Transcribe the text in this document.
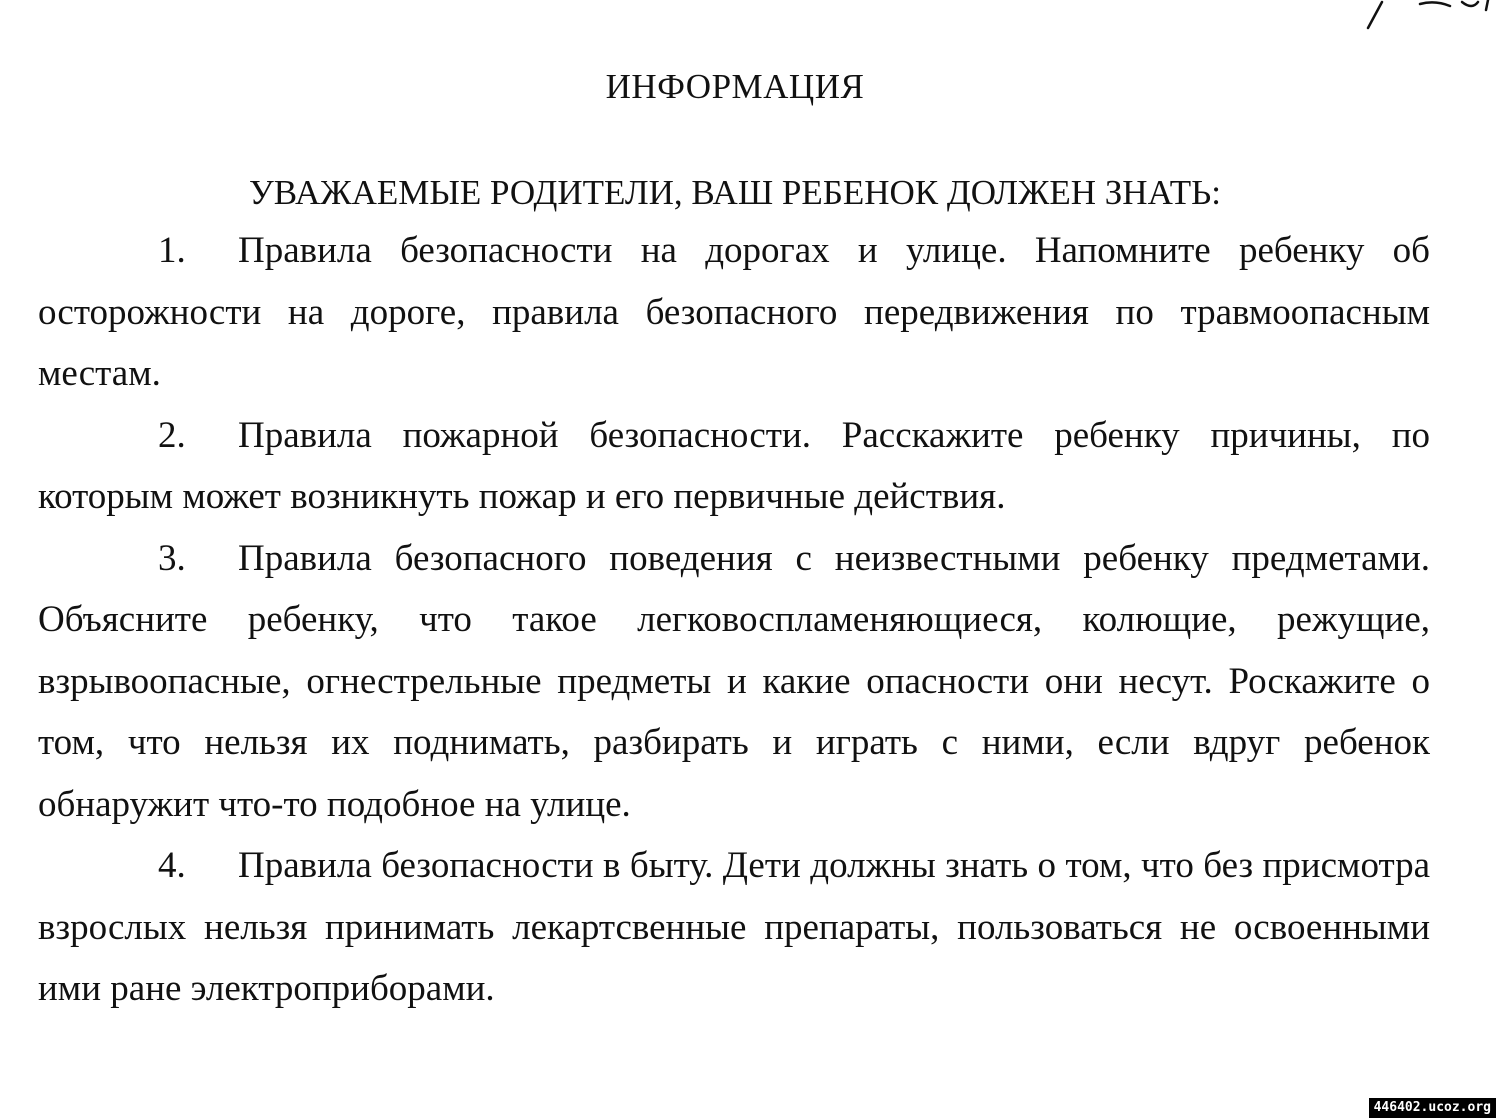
ИНФОРМАЦИЯ
УВАЖАЕМЫЕ РОДИТЕЛИ, ВАШ РЕБЕНОК ДОЛЖЕН ЗНАТЬ:

1. Правила безопасности на дорогах и улице. Напомните ребенку об осторожности на дороге, правила безопасного передвижения по травмоопасным местам.

2. Правила пожарной безопасности. Расскажите ребенку причины, по которым может возникнуть пожар и его первичные действия.

3. Правила безопасного поведения с неизвестными ребенку предметами. Объясните ребенку, что такое легковоспламеняющиеся, колющие, режущие, взрывоопасные, огнестрельные предметы и какие опасности они несут. Роскажите о том, что нельзя их поднимать, разбирать и играть с ними, если вдруг ребенок обнаружит что-то подобное на улице.

4. Правила безопасности в быту. Дети должны знать о том, что без присмотра взрослых нельзя принимать лекартсвенные препараты, пользоваться не освоенными ими ране электроприборами.

446402.ucoz.org
